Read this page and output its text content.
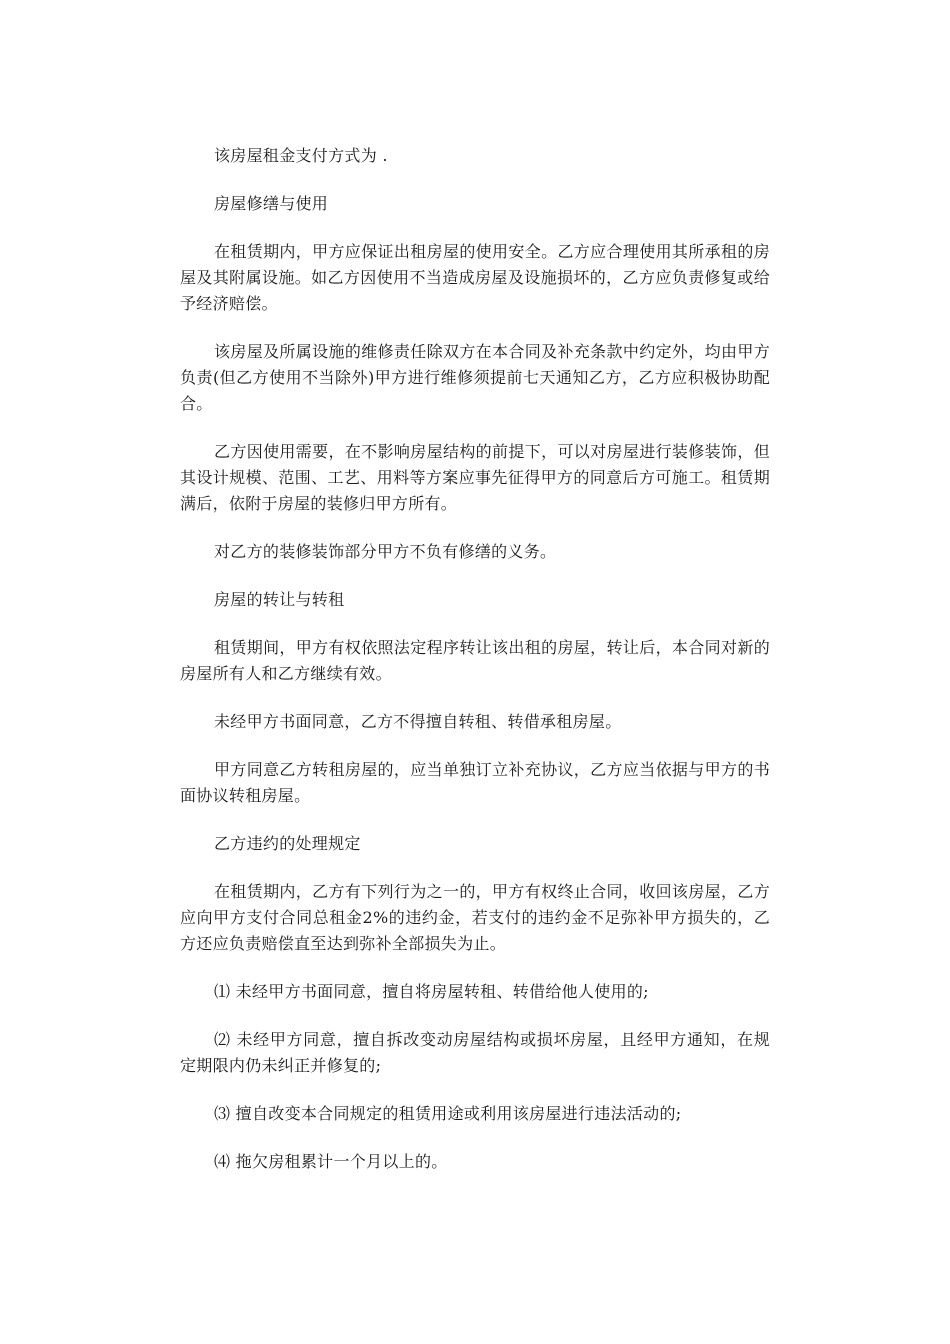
该房屋租金支付方式为 .

房屋修缮与使用

在租赁期内，甲方应保证出租房屋的使用安全。乙方应合理使用其所承租的房屋及其附属设施。如乙方因使用不当造成房屋及设施损坏的，乙方应负责修复或给予经济赔偿。

该房屋及所属设施的维修责任除双方在本合同及补充条款中约定外，均由甲方负责(但乙方使用不当除外)甲方进行维修须提前七天通知乙方，乙方应积极协助配合。

乙方因使用需要，在不影响房屋结构的前提下，可以对房屋进行装修装饰，但其设计规模、范围、工艺、用料等方案应事先征得甲方的同意后方可施工。租赁期满后，依附于房屋的装修归甲方所有。

对乙方的装修装饰部分甲方不负有修缮的义务。

房屋的转让与转租

租赁期间，甲方有权依照法定程序转让该出租的房屋，转让后，本合同对新的房屋所有人和乙方继续有效。

未经甲方书面同意，乙方不得擅自转租、转借承租房屋。

甲方同意乙方转租房屋的，应当单独订立补充协议，乙方应当依据与甲方的书面协议转租房屋。

乙方违约的处理规定

在租赁期内，乙方有下列行为之一的，甲方有权终止合同，收回该房屋，乙方应向甲方支付合同总租金2%的违约金，若支付的违约金不足弥补甲方损失的，乙方还应负责赔偿直至达到弥补全部损失为止。

⑴ 未经甲方书面同意，擅自将房屋转租、转借给他人使用的;

⑵ 未经甲方同意，擅自拆改变动房屋结构或损坏房屋，且经甲方通知，在规定期限内仍未纠正并修复的;

⑶ 擅自改变本合同规定的租赁用途或利用该房屋进行违法活动的;

⑷ 拖欠房租累计一个月以上的。
